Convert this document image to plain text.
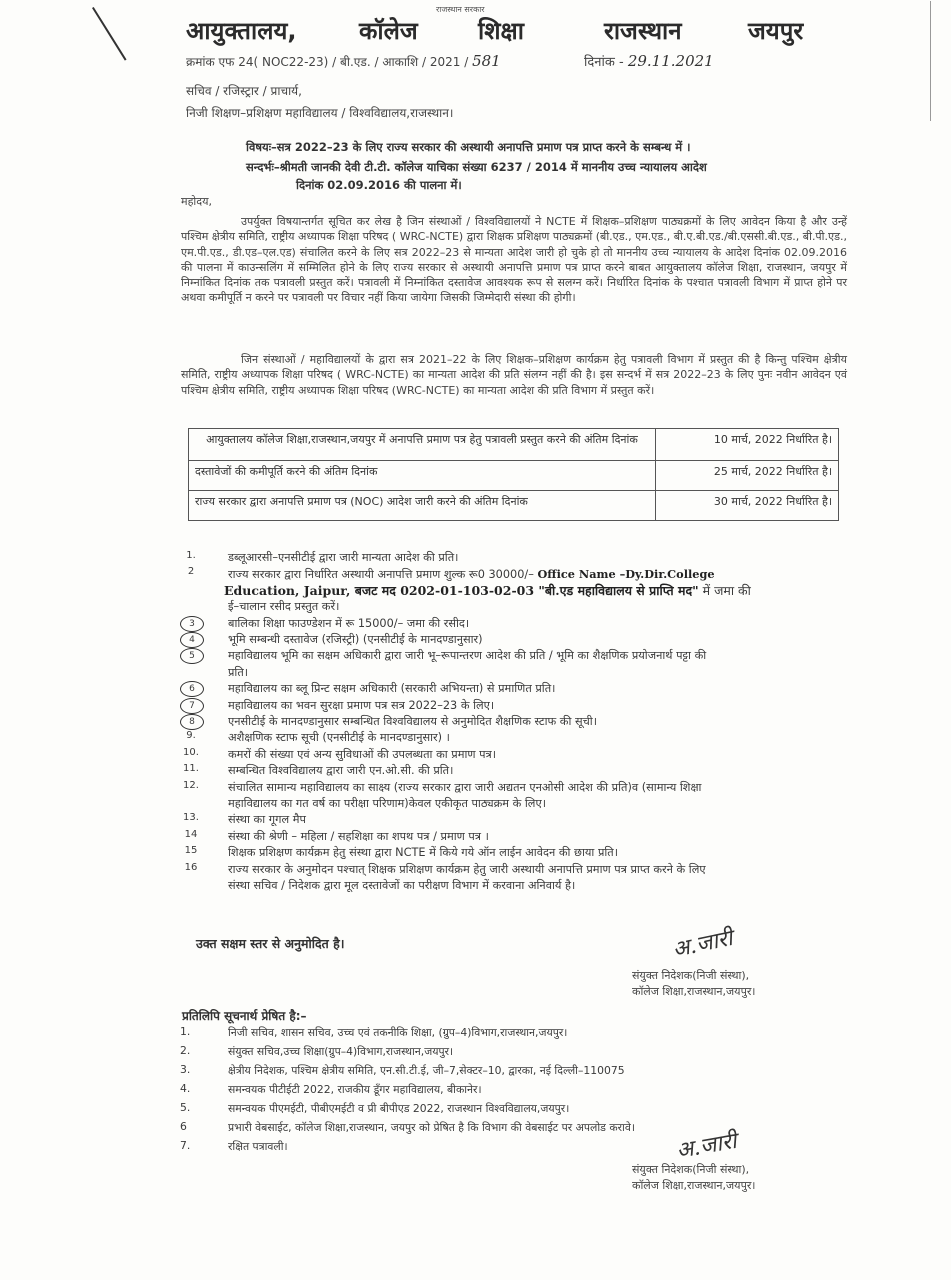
राजस्थान सरकार
आयुक्तालय,	कॉलेज	शिक्षा	राजस्थान	जयपुर
क्रमांक एफ 24( NOC22-23) / बी.एड. / आकाशि / 2021 / 581	दिनांक - 29.11.2021
सचिव / रजिस्ट्रार / प्राचार्य,
निजी शिक्षण–प्रशिक्षण महाविद्यालय / विश्वविद्यालय,राजस्थान।
विषयः–सत्र 2022–23 के लिए राज्य सरकार की अस्थायी अनापत्ति प्रमाण पत्र प्राप्त करने के सम्बन्ध में ।
सन्दर्भः–श्रीमती जानकी देवी टी.टी. कॉलेज याचिका संख्या 6237 / 2014 में माननीय उच्च न्यायालय आदेश
दिनांक 02.09.2016 की पालना में।
महोदय,
उपर्युक्त विषयान्तर्गत सूचित कर लेख है जिन संस्थाओं / विश्वविद्यालयों ने NCTE में शिक्षक–प्रशिक्षण पाठ्यक्रमों के लिए आवेदन किया है और उन्हें पश्चिम क्षेत्रीय समिति, राष्ट्रीय अध्यापक शिक्षा परिषद ( WRC-NCTE) द्वारा शिक्षक प्रशिक्षण पाठ्यक्रमों (बी.एड., एम.एड., बी.ए.बी.एड./बी.एससी.बी.एड., बी.पी.एड., एम.पी.एड., डी.एड–एल.एड) संचालित करने के लिए सत्र 2022–23 से मान्यता आदेश जारी हो चुके हो तो माननीय उच्च न्यायालय के आदेश दिनांक 02.09.2016 की पालना में काउन्सलिंग में सम्मिलित होने के लिए राज्य सरकार से अस्थायी अनापत्ति प्रमाण पत्र प्राप्त करने बाबत आयुक्तालय कॉलेज शिक्षा, राजस्थान, जयपुर में निम्नांकित दिनांक तक पत्रावली प्रस्तुत करें। पत्रावली में निम्नांकित दस्तावेज आवश्यक रूप से सलग्न करें। निर्धारित दिनांक के पश्चात पत्रावली विभाग में प्राप्त होने पर अथवा कमीपूर्ति न करने पर पत्रावली पर विचार नहीं किया जायेगा जिसकी जिम्मेदारी संस्था की होगी।
जिन संस्थाओं / महाविद्यालयों के द्वारा सत्र 2021–22 के लिए शिक्षक–प्रशिक्षण कार्यक्रम हेतु पत्रावली विभाग में प्रस्तुत की है किन्तु पश्चिम क्षेत्रीय समिति, राष्ट्रीय अध्यापक शिक्षा परिषद ( WRC-NCTE) का मान्यता आदेश की प्रति संलग्न नहीं की है। इस सन्दर्भ में सत्र 2022–23 के लिए पुनः नवीन आवेदन एवं पश्चिम क्षेत्रीय समिति, राष्ट्रीय अध्यापक शिक्षा परिषद (WRC-NCTE) का मान्यता आदेश की प्रति विभाग में प्रस्तुत करें।
आयुक्तालय कॉलेज शिक्षा,राजस्थान,जयपुर में अनापत्ति प्रमाण पत्र हेतु पत्रावली प्रस्तुत करने की अंतिम दिनांक	10 मार्च, 2022 निर्धारित है।
दस्तावेजों की कमीपूर्ति करने की अंतिम दिनांक	25 मार्च, 2022 निर्धारित है।
राज्य सरकार द्वारा अनापत्ति प्रमाण पत्र (NOC) आदेश जारी करने की अंतिम दिनांक	30 मार्च, 2022 निर्धारित है।
1.	डब्लूआरसी–एनसीटीई द्वारा जारी मान्यता आदेश की प्रति।
2	राज्य सरकार द्वारा निर्धारित अस्थायी अनापत्ति प्रमाण शुल्क रू0 30000/– Office Name –Dy.Dir.College
Education, Jaipur, बजट मद 0202-01-103-02-03 "बी.एड महाविद्यालय से प्राप्ति मद" में जमा की
ई–चालान रसीद प्रस्तुत करें।
3	बालिका शिक्षा फाउण्डेशन में रू 15000/– जमा की रसीद।
4	भूमि सम्बन्धी दस्तावेज (रजिस्ट्री) (एनसीटीई के मानदण्डानुसार)
5	महाविद्यालय भूमि का सक्षम अधिकारी द्वारा जारी भू–रूपान्तरण आदेश की प्रति / भूमि का शैक्षणिक प्रयोजनार्थ पट्टा की
प्रति।
6	महाविद्यालय का ब्लू प्रिन्ट सक्षम अधिकारी (सरकारी अभियन्ता) से प्रमाणित प्रति।
7	महाविद्यालय का भवन सुरक्षा प्रमाण पत्र सत्र 2022–23 के लिए।
8	एनसीटीई के मानदण्डानुसार सम्बन्धित विश्वविद्यालय से अनुमोदित शैक्षणिक स्टाफ की सूची।
9.	अशैक्षणिक स्टाफ सूची (एनसीटीई के मानदण्डानुसार) ।
10.	कमरों की संख्या एवं अन्य सुविधाओं की उपलब्धता का प्रमाण पत्र।
11.	सम्बन्धित विश्वविद्यालय द्वारा जारी एन.ओ.सी. की प्रति।
12.	संचालित सामान्य महाविद्यालय का साक्ष्य (राज्य सरकार द्वारा जारी अद्यतन एनओसी आदेश की प्रति)व (सामान्य शिक्षा
महाविद्यालय का गत वर्ष का परीक्षा परिणाम)केवल एकीकृत पाठ्यक्रम के लिए।
13.	संस्था का गूगल मैप
14	संस्था की श्रेणी – महिला / सहशिक्षा का शपथ पत्र / प्रमाण पत्र ।
15	शिक्षक प्रशिक्षण कार्यक्रम हेतु संस्था द्वारा NCTE में किये गये ऑन लाईन आवेदन की छाया प्रति।
16	राज्य सरकार के अनुमोदन पश्चात् शिक्षक प्रशिक्षण कार्यक्रम हेतु जारी अस्थायी अनापत्ति प्रमाण पत्र प्राप्त करने के लिए
संस्था सचिव / निदेशक द्वारा मूल दस्तावेजों का परीक्षण विभाग में करवाना अनिवार्य है।
उक्त सक्षम स्तर से अनुमोदित है।	अ.जारी
संयुक्त निदेशक(निजी संस्था),
कॉलेज शिक्षा,राजस्थान,जयपुर।
प्रतिलिपि सूचनार्थ प्रेषित है:–
1.	निजी सचिव, शासन सचिव, उच्च एवं तकनीकि शिक्षा, (ग्रुप–4)विभाग,राजस्थान,जयपुर।
2.	संयुक्त सचिव,उच्च शिक्षा(ग्रुप–4)विभाग,राजस्थान,जयपुर।
3.	क्षेत्रीय निदेशक, पश्चिम क्षेत्रीय समिति, एन.सी.टी.ई, जी–7,सेक्टर–10, द्वारका, नई दिल्ली–110075
4.	समन्वयक पीटीईटी 2022, राजकीय डूँगर महाविद्यालय, बीकानेर।
5.	समन्वयक पीएमईटी, पीबीएमईटी व प्री बीपीएड 2022, राजस्थान विश्वविद्यालय,जयपुर।
6	प्रभारी वेबसाईट, कॉलेज शिक्षा,राजस्थान, जयपुर को प्रेषित है कि विभाग की वेबसाईट पर अपलोड करावे।
7.	रक्षित पत्रावली।	अ.जारी
संयुक्त निदेशक(निजी संस्था),
कॉलेज शिक्षा,राजस्थान,जयपुर।
